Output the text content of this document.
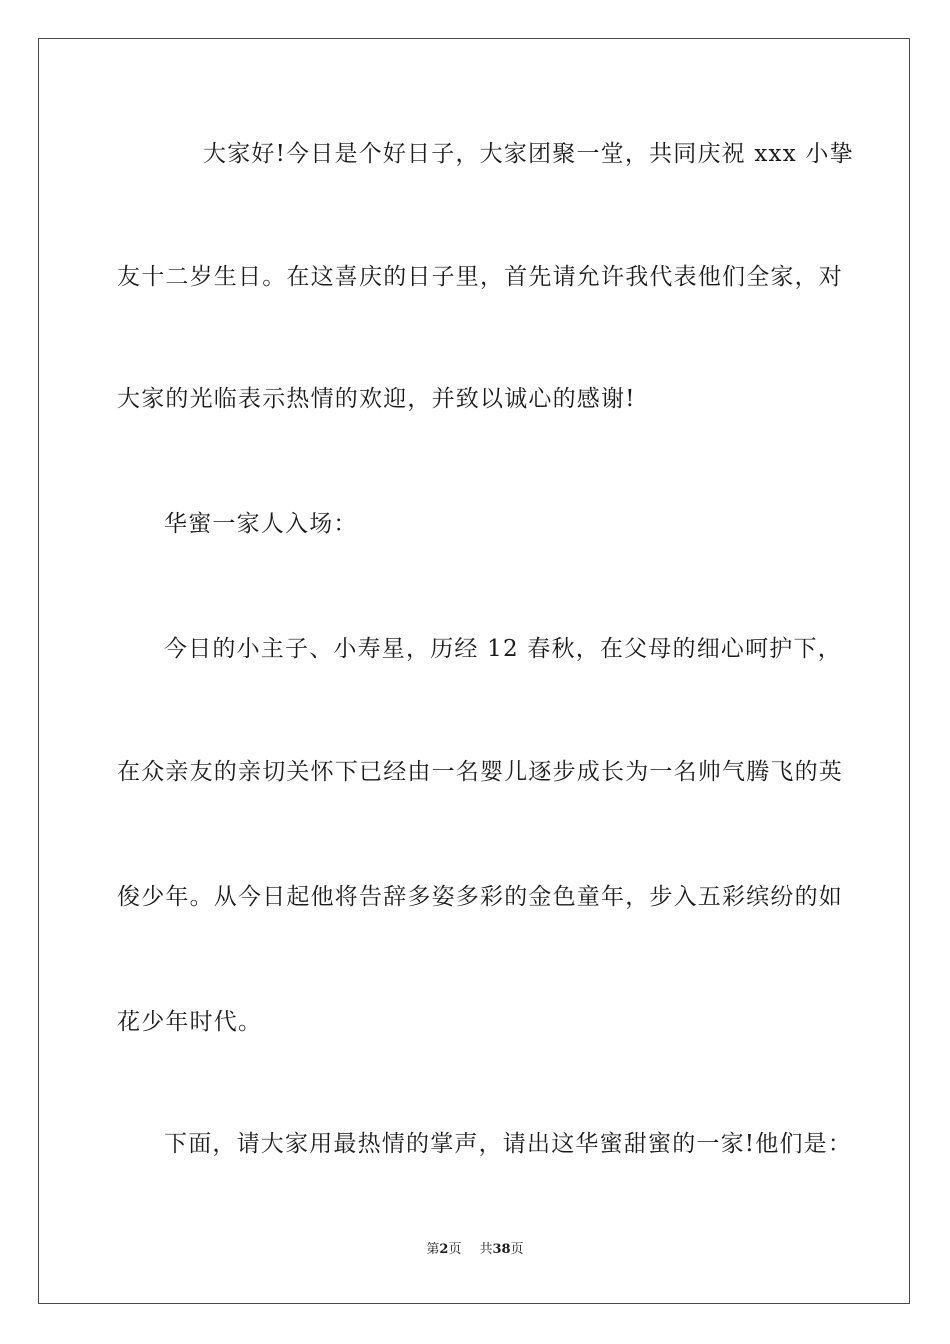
大家好!今日是个好日子，大家团聚一堂，共同庆祝 xxx 小挚
友十二岁生日。在这喜庆的日子里，首先请允许我代表他们全家，对
大家的光临表示热情的欢迎，并致以诚心的感谢!
华蜜一家人入场：
今日的小主子、小寿星，历经 12 春秋，在父母的细心呵护下，
在众亲友的亲切关怀下已经由一名婴儿逐步成长为一名帅气腾飞的英
俊少年。从今日起他将告辞多姿多彩的金色童年，步入五彩缤纷的如
花少年时代。
下面，请大家用最热情的掌声，请出这华蜜甜蜜的一家!他们是：
第2页 共38页
